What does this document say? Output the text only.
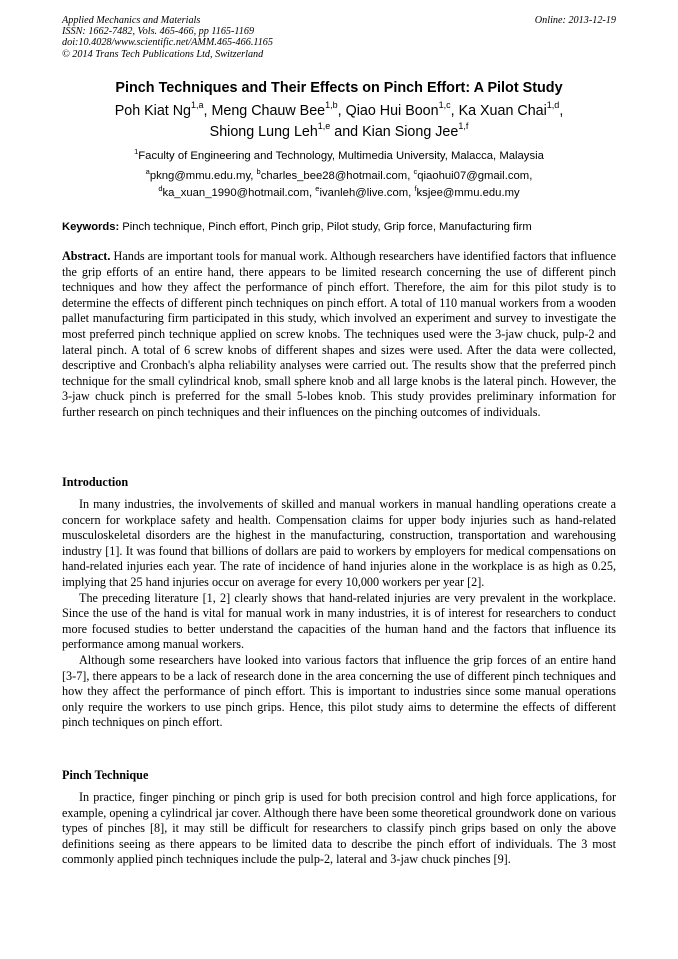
Applied Mechanics and Materials
ISSN: 1662-7482, Vols. 465-466, pp 1165-1169
doi:10.4028/www.scientific.net/AMM.465-466.1165
© 2014 Trans Tech Publications Ltd, Switzerland
Online: 2013-12-19
Pinch Techniques and Their Effects on Pinch Effort: A Pilot Study
Poh Kiat Ng$^{1,a}$, Meng Chauw Bee$^{1,b}$, Qiao Hui Boon$^{1,c}$, Ka Xuan Chai$^{1,d}$, Shiong Lung Leh$^{1,e}$ and Kian Siong Jee$^{1,f}$
$^1$Faculty of Engineering and Technology, Multimedia University, Malacca, Malaysia
$^a$pkng@mmu.edu.my, $^b$charles_bee28@hotmail.com, $^c$qiaohui07@gmail.com,
$^d$ka_xuan_1990@hotmail.com, $^e$ivanleh@live.com, $^f$ksjee@mmu.edu.my
Keywords: Pinch technique, Pinch effort, Pinch grip, Pilot study, Grip force, Manufacturing firm
Abstract. Hands are important tools for manual work. Although researchers have identified factors that influence the grip efforts of an entire hand, there appears to be limited research concerning the use of different pinch techniques and how they affect the performance of pinch effort. Therefore, the aim for this pilot study is to determine the effects of different pinch techniques on pinch effort. A total of 110 manual workers from a wooden pallet manufacturing firm participated in this study, which involved an experiment and survey to investigate the most preferred pinch technique applied on screw knobs. The techniques used were the 3-jaw chuck, pulp-2 and lateral pinch. A total of 6 screw knobs of different shapes and sizes were used. After the data were collected, descriptive and Cronbach's alpha reliability analyses were carried out. The results show that the preferred pinch technique for the small cylindrical knob, small sphere knob and all large knobs is the lateral pinch. However, the 3-jaw chuck pinch is preferred for the small 5-lobes knob. This study provides preliminary information for further research on pinch techniques and their influences on the pinching outcomes of individuals.
Introduction

In many industries, the involvements of skilled and manual workers in manual handling operations create a concern for workplace safety and health. Compensation claims for upper body injuries such as hand-related musculoskeletal disorders are the highest in the manufacturing, construction, transportation and warehousing industry [1]. It was found that billions of dollars are paid to workers by employers for medical compensations on hand-related injuries each year. The rate of incidence of hand injuries alone in the workplace is as high as 0.25, implying that 25 hand injuries occur on average for every 10,000 workers per year [2].

The preceding literature [1, 2] clearly shows that hand-related injuries are very prevalent in the workplace. Since the use of the hand is vital for manual work in many industries, it is of interest for researchers to conduct more focused studies to better understand the capacities of the human hand and the factors that influence its performance among manual workers.

Although some researchers have looked into various factors that influence the grip forces of an entire hand [3-7], there appears to be a lack of research done in the area concerning the use of different pinch techniques and how they affect the performance of pinch effort. This is important to industries since some manual operations only require the workers to use pinch grips. Hence, this pilot study aims to determine the effects of different pinch techniques on pinch effort.

Pinch Technique

In practice, finger pinching or pinch grip is used for both precision control and high force applications, for example, opening a cylindrical jar cover. Although there have been some theoretical groundwork done on various types of pinches [8], it may still be difficult for researchers to classify pinch grips based on only the above definitions seeing as there appears to be limited data to describe the pinch effort of individuals. The 3 most commonly applied pinch techniques include the pulp-2, lateral and 3-jaw chuck pinches [9].
